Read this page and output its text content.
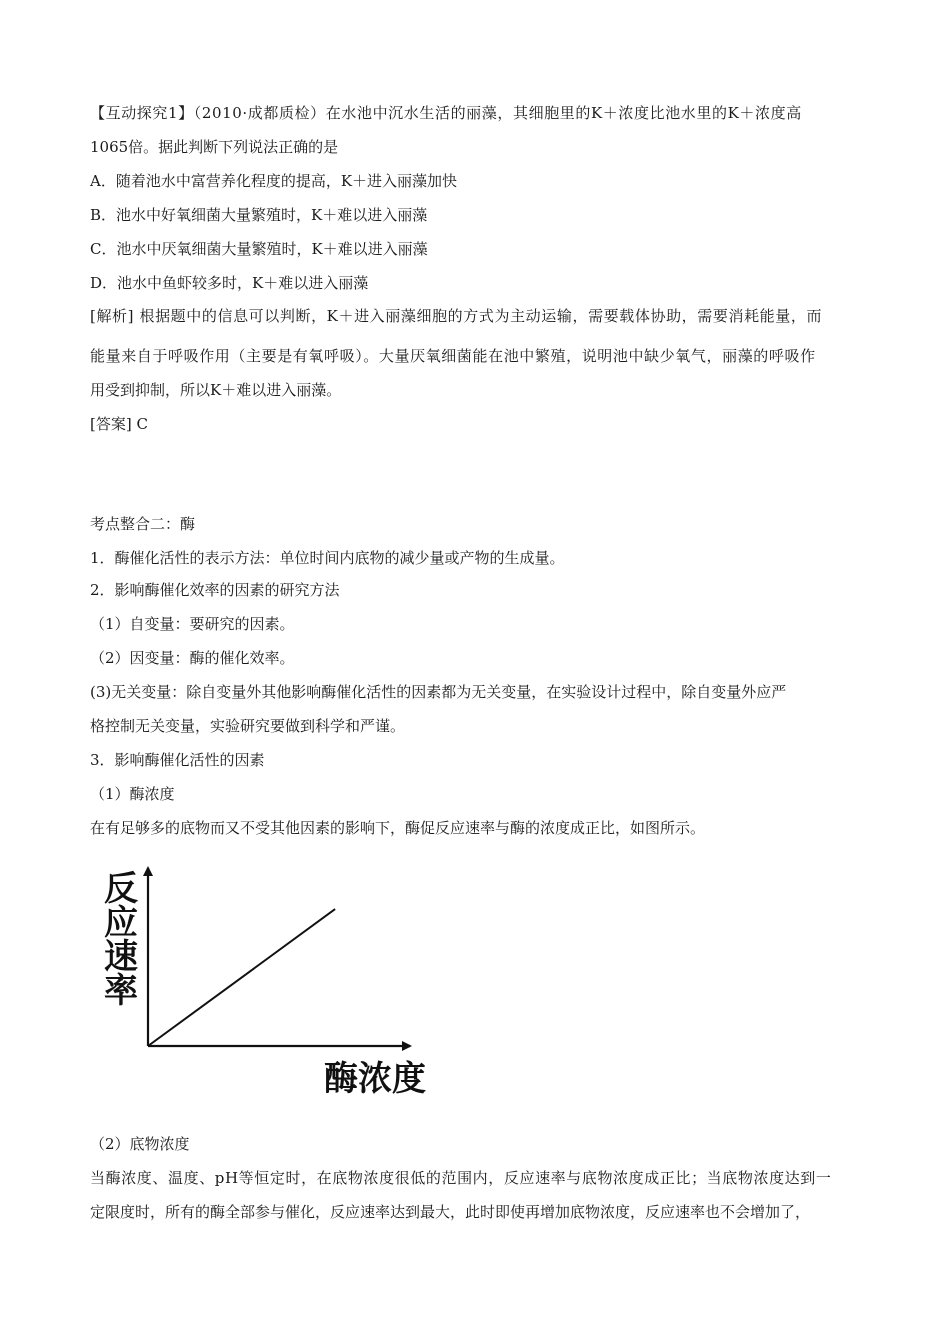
【互动探究1】（2010·成都质检）在水池中沉水生活的丽藻，其细胞里的K＋浓度比池水里的K＋浓度高
1065倍。据此判断下列说法正确的是
A．随着池水中富营养化程度的提高，K＋进入丽藻加快
B．池水中好氧细菌大量繁殖时，K＋难以进入丽藻
C．池水中厌氧细菌大量繁殖时，K＋难以进入丽藻
D．池水中鱼虾较多时，K＋难以进入丽藻
[解析] 根据题中的信息可以判断，K＋进入丽藻细胞的方式为主动运输，需要载体协助，需要消耗能量，而
能量来自于呼吸作用（主要是有氧呼吸）。大量厌氧细菌能在池中繁殖，说明池中缺少氧气，丽藻的呼吸作
用受到抑制，所以K＋难以进入丽藻。
[答案] C
考点整合二：酶
1．酶催化活性的表示方法：单位时间内底物的减少量或产物的生成量。
2．影响酶催化效率的因素的研究方法
（1）自变量：要研究的因素。
（2）因变量：酶的催化效率。
(3)无关变量：除自变量外其他影响酶催化活性的因素都为无关变量，在实验设计过程中，除自变量外应严
格控制无关变量，实验研究要做到科学和严谨。
3．影响酶催化活性的因素
（1）酶浓度
在有足够多的底物而又不受其他因素的影响下，酶促反应速率与酶的浓度成正比，如图所示。
反
应
速
率
酶浓度
（2）底物浓度
当酶浓度、温度、pH等恒定时，在底物浓度很低的范围内，反应速率与底物浓度成正比；当底物浓度达到一
定限度时，所有的酶全部参与催化，反应速率达到最大，此时即使再增加底物浓度，反应速率也不会增加了，
